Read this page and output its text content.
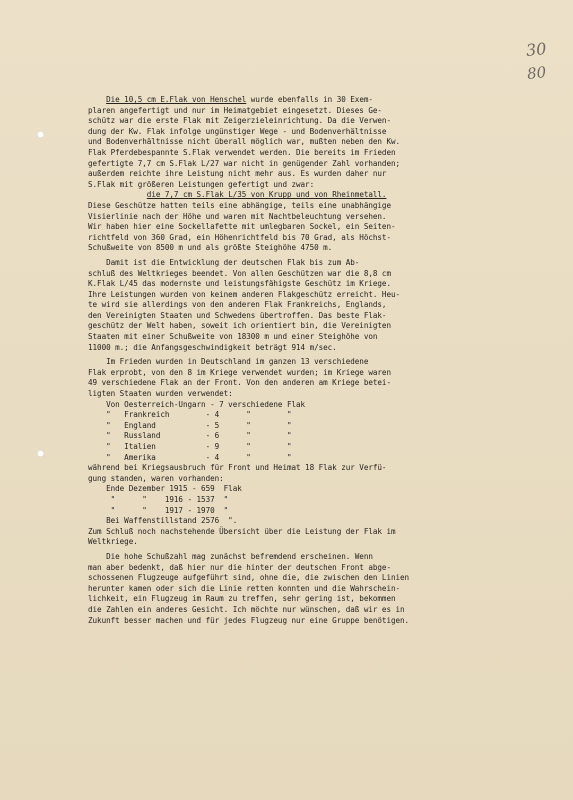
30
80
Die 10,5 cm E.Flak von Henschel wurde ebenfalls in 30 Exem-
plaren angefertigt und nur im Heimatgebiet eingesetzt. Dieses Ge-
schütz war die erste Flak mit Zeigerzieleinrichtung. Da die Verwen-
dung der Kw. Flak infolge ungünstiger Wege - und Bodenverhältnisse
und Bodenverhältnisse nicht überall möglich war, mußten neben den Kw.
Flak Pferdebespannte S.Flak verwendet werden. Die bereits im Frieden
gefertigte 7,7 cm S.Flak L/27 war nicht in genügender Zahl vorhanden;
außerdem reichte ihre Leistung nicht mehr aus. Es wurden daher nur
S.Flak mit größeren Leistungen gefertigt und zwar:
die 7,7 cm S.Flak L/35 von Krupp und von Rheinmetall.
Diese Geschütze hatten teils eine abhängige, teils eine unabhängige
Visierlinie nach der Höhe und waren mit Nachtbeleuchtung versehen.
Wir haben hier eine Sockellafette mit umlegbaren Sockel, ein Seiten-
richtfeld von 360 Grad, ein Höhenrichtfeld bis 70 Grad, als Höchst-
Schußweite von 8500 m und als größte Steighöhe 4750 m.
Damit ist die Entwicklung der deutschen Flak bis zum Ab-
schluß des Weltkrieges beendet. Von allen Geschützen war die 8,8 cm
K.Flak L/45 das modernste und leistungsfähigste Geschütz im Kriege.
Ihre Leistungen wurden von keinem anderen Flakgeschütz erreicht. Heu-
te wird sie allerdings von den anderen Flak Frankreichs, Englands,
den Vereinigten Staaten und Schwedens übertroffen. Das beste Flak-
geschütz der Welt haben, soweit ich orientiert bin, die Vereinigten
Staaten mit einer Schußweite von 18300 m und einer Steighöhe von
11000 m.; die Anfangsgeschwindigkeit beträgt 914 m/sec.
Im Frieden wurden in Deutschland im ganzen 13 verschiedene
Flak erprobt, von den 8 im Kriege verwendet wurden; im Kriege waren
49 verschiedene Flak an der Front. Von den anderen am Kriege betei-
ligten Staaten wurden verwendet:
Von Oesterreich-Ungarn - 7 verschiedene Flak
"   Frankreich        - 4      "        "
"   England           - 5      "        "
"   Russland          - 6      "        "
"   Italien           - 9      "        "
"   Amerika           - 4      "        "
während bei Kriegsausbruch für Front und Heimat 18 Flak zur Verfü-
gung standen, waren vorhanden:
Ende Dezember 1915 - 659  Flak
"      "    1916 - 1537  "
"      "    1917 - 1970  "
Bei Waffenstillstand 2576  ".
Zum Schluß noch nachstehende Übersicht über die Leistung der Flak im
Weltkriege.
Die hohe Schußzahl mag zunächst befremdend erscheinen. Wenn
man aber bedenkt, daß hier nur die hinter der deutschen Front abge-
schossenen Flugzeuge aufgeführt sind, ohne die, die zwischen den Linien
herunter kamen oder sich die Linie retten konnten und die Wahrschein-
lichkeit, ein Flugzeug im Raum zu treffen, sehr gering ist, bekommen
die Zahlen ein anderes Gesicht. Ich möchte nur wünschen, daß wir es in
Zukunft besser machen und für jedes Flugzeug nur eine Gruppe benötigen.
